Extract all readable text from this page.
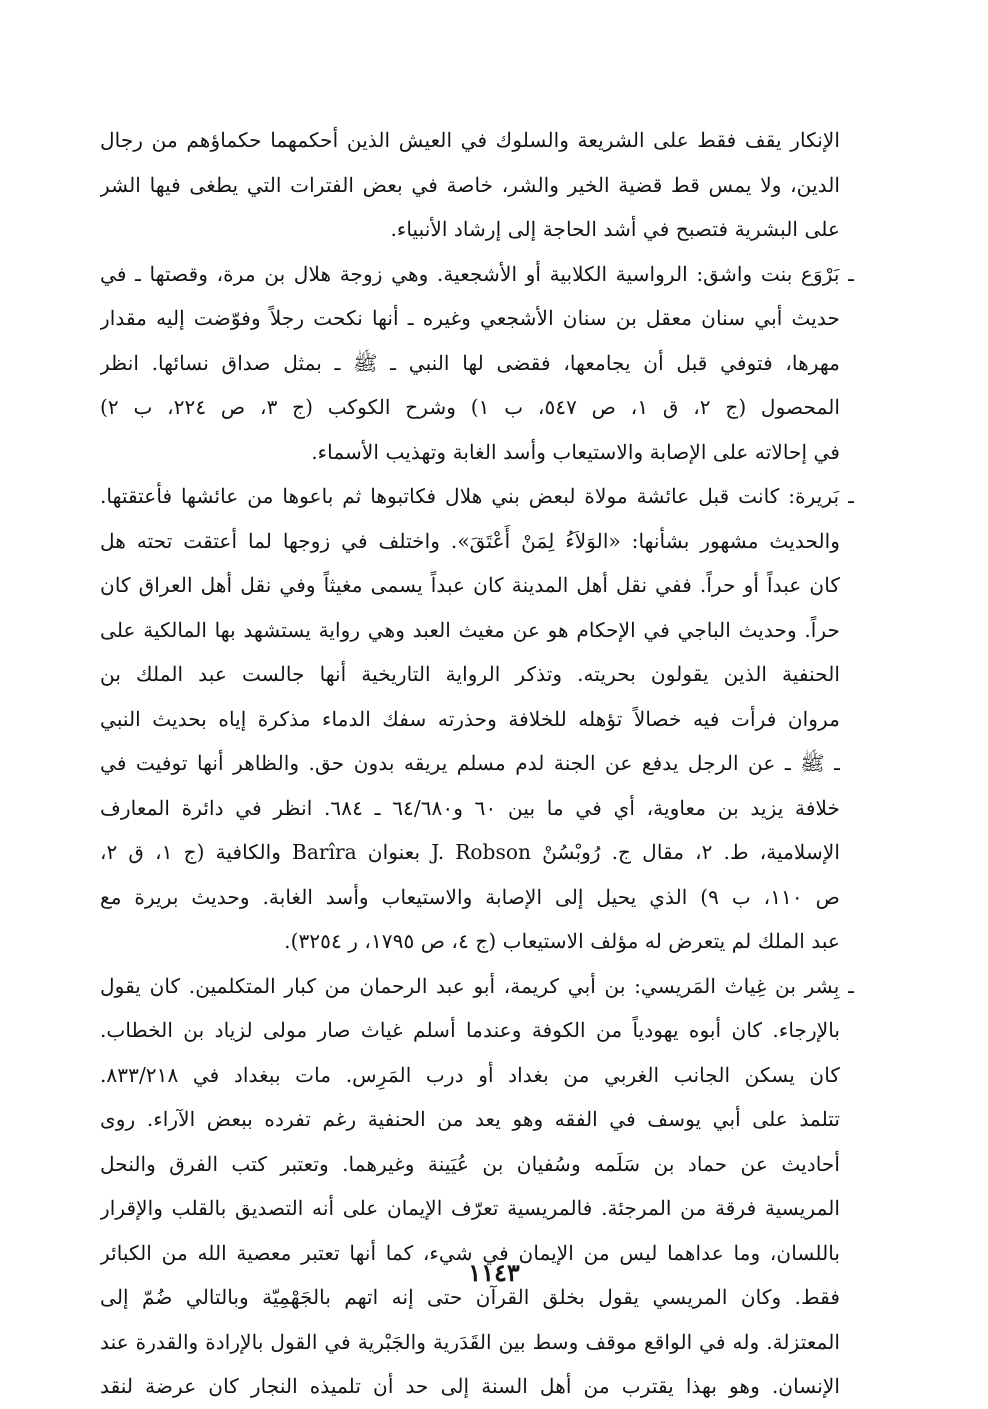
الإنكار يقف فقط على الشريعة والسلوك في العيش الذين أحكمهما حكماؤهم من رجال
الدين، ولا يمس قط قضية الخير والشر، خاصة في بعض الفترات التي يطغى فيها الشر
على البشرية فتصبح في أشد الحاجة إلى إرشاد الأنبياء.
ـ بَرْوَع بنت واشق: الرواسية الكلابية أو الأشجعية. وهي زوجة هلال بن مرة، وقصتها ـ في
حديث أبي سنان معقل بن سنان الأشجعي وغيره ـ أنها نكحت رجلاً وفوّضت إليه مقدار
مهرها، فتوفي قبل أن يجامعها، فقضى لها النبي ـ ﷺ ـ بمثل صداق نسائها. انظر
المحصول (ج ٢، ق ١، ص ٥٤٧، ب ١) وشرح الكوكب (ج ٣، ص ٢٢٤، ب ٢)
في إحالاته على الإصابة والاستيعاب وأسد الغابة وتهذيب الأسماء.
ـ بَريرة: كانت قبل عائشة مولاة لبعض بني هلال فكاتبوها ثم باعوها من عائشها فأعتقتها.
والحديث مشهور بشأنها: «الوَلاَءُ لِمَنْ أَعْتَقَ». واختلف في زوجها لما أعتقت تحته هل
كان عبداً أو حراً. ففي نقل أهل المدينة كان عبداً يسمى مغيثاً وفي نقل أهل العراق كان
حراً. وحديث الباجي في الإحكام هو عن مغيث العبد وهي رواية يستشهد بها المالكية على
الحنفية الذين يقولون بحريته. وتذكر الرواية التاريخية أنها جالست عبد الملك بن
مروان فرأت فيه خصالاً تؤهله للخلافة وحذرته سفك الدماء مذكرة إياه بحديث النبي
ـ ﷺ ـ عن الرجل يدفع عن الجنة لدم مسلم يريقه بدون حق. والظاهر أنها توفيت في
خلافة يزيد بن معاوية، أي في ما بين ٦٠ و٦٤/٦٨٠ ـ ٦٨٤. انظر في دائرة المعارف
الإسلامية، ط. ٢، مقال ج. رُوبْسُنْ J. Robson بعنوان Barîra والكافية (ج ١، ق ٢،
ص ١١٠، ب ٩) الذي يحيل إلى الإصابة والاستيعاب وأسد الغابة. وحديث بريرة مع
عبد الملك لم يتعرض له مؤلف الاستيعاب (ج ٤، ص ١٧٩٥، ر ٣٢٥٤).
ـ بِشر بن غِياث المَريسي: بن أبي كريمة، أبو عبد الرحمان من كبار المتكلمين. كان يقول
بالإرجاء. كان أبوه يهودياً من الكوفة وعندما أسلم غياث صار مولى لزياد بن الخطاب.
كان يسكن الجانب الغربي من بغداد أو درب المَرِس. مات ببغداد في ٨٣٣/٢١٨.
تتلمذ على أبي يوسف في الفقه وهو يعد من الحنفية رغم تفرده ببعض الآراء. روى
أحاديث عن حماد بن سَلَمه وسُفيان بن عُيَينة وغيرهما. وتعتبر كتب الفرق والنحل
المريسية فرقة من المرجئة. فالمريسية تعرّف الإيمان على أنه التصديق بالقلب والإقرار
باللسان، وما عداهما ليس من الإيمان في شيء، كما أنها تعتبر معصية الله من الكبائر
فقط. وكان المريسي يقول بخلق القرآن حتى إنه اتهم بالجَهْمِيّة وبالتالي ضُمّ إلى
المعتزلة. وله في الواقع موقف وسط بين القَدَرية والجَبْرية في القول بالإرادة والقدرة عند
الإنسان. وهو بهذا يقترب من أهل السنة إلى حد أن تلميذه النجار كان عرضة لنقد
١١٤٣
